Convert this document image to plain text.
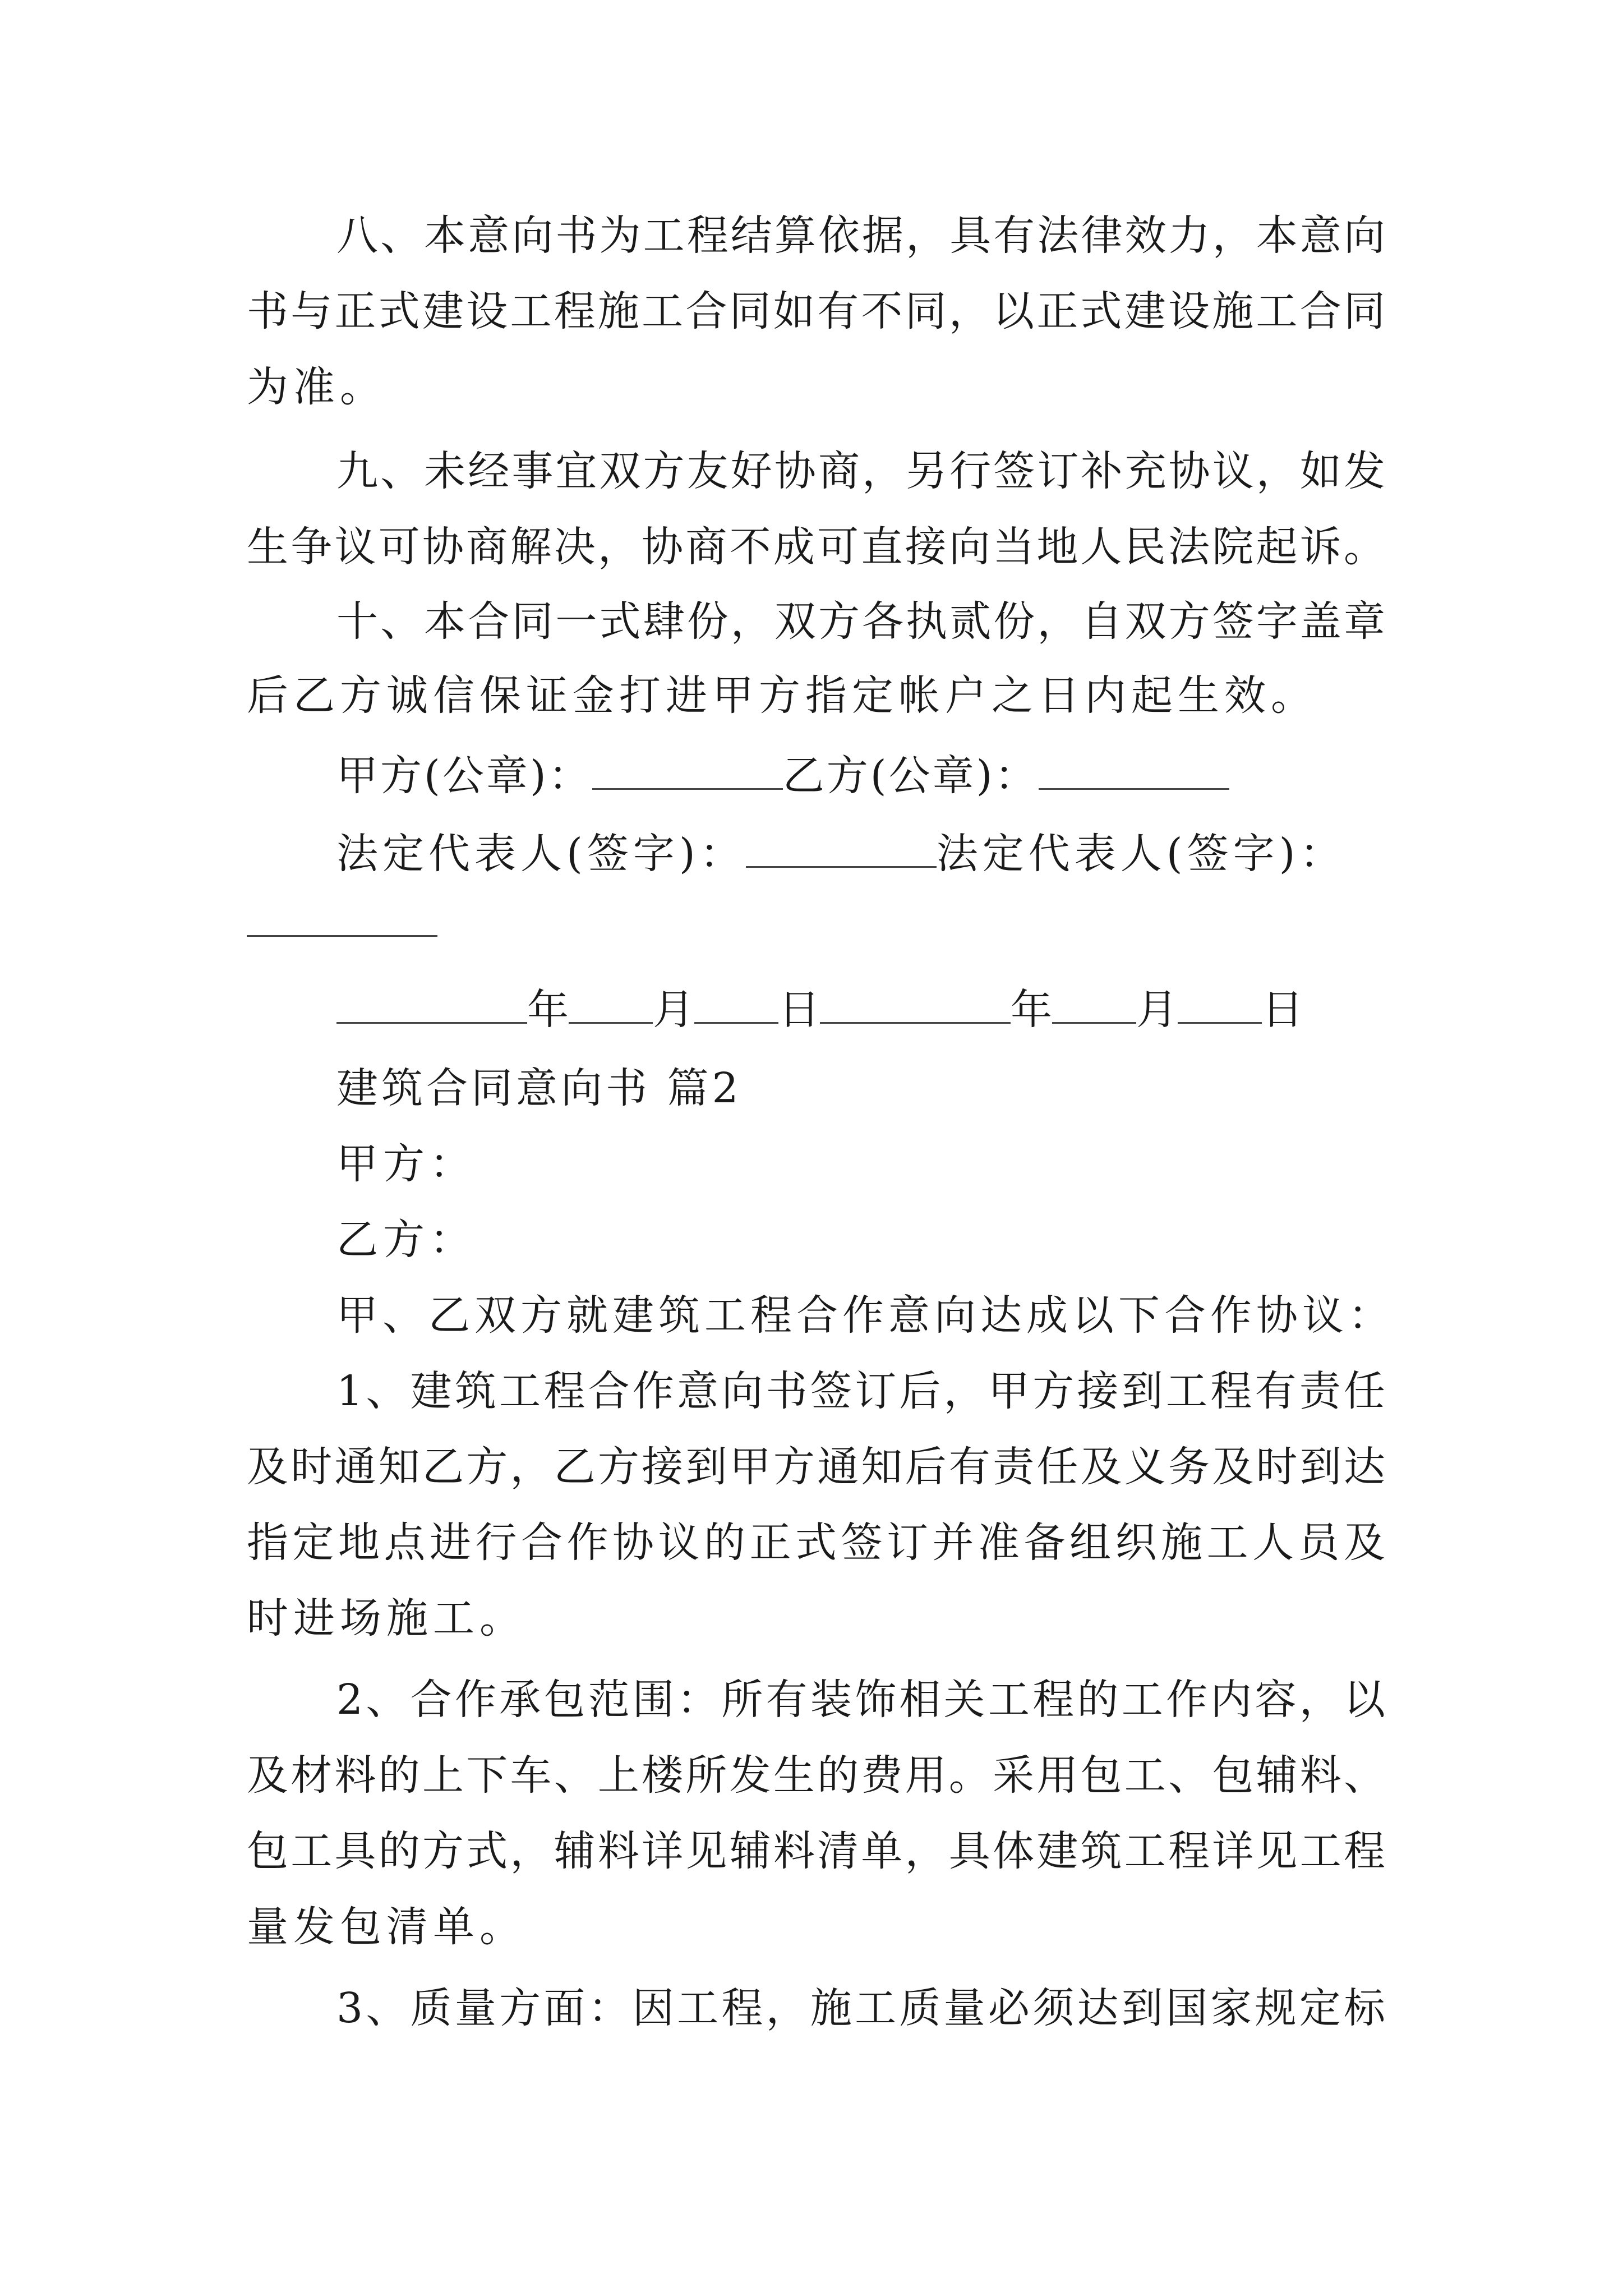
八、本意向书为工程结算依据，具有法律效力，本意向
书与正式建设工程施工合同如有不同，以正式建设施工合同
为准。
九、未经事宜双方友好协商，另行签订补充协议，如发
生争议可协商解决，协商不成可直接向当地人民法院起诉。
十、本合同一式肆份，双方各执贰份，自双方签字盖章
后乙方诚信保证金打进甲方指定帐户之日内起生效。
甲方(公章)：	乙方(公章)：
法定代表人(签字)：	法定代表人(签字)：
年 月 日	年 月 日
建筑合同意向书 篇2
甲方：
乙方：
甲、乙双方就建筑工程合作意向达成以下合作协议：
1、建筑工程合作意向书签订后，甲方接到工程有责任
及时通知乙方，乙方接到甲方通知后有责任及义务及时到达
指定地点进行合作协议的正式签订并准备组织施工人员及
时进场施工。
2、合作承包范围：所有装饰相关工程的工作内容，以
及材料的上下车、上楼所发生的费用。采用包工、包辅料、
包工具的方式，辅料详见辅料清单，具体建筑工程详见工程
量发包清单。
3、质量方面：因工程，施工质量必须达到国家规定标
